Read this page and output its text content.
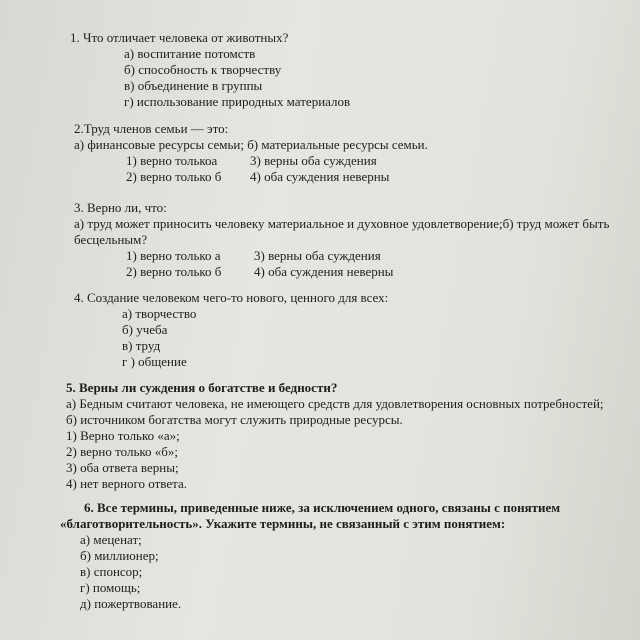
1. Что отличает человека от животных?
а) воспитание потомств
б) способность к творчеству
в) объединение в группы
г) использование природных материалов
2.Труд членов семьи — это:
а) финансовые ресурсы семьи; б) материальные ресурсы семьи.
1) верно толькоа	3) верны оба суждения
2) верно только б 4) оба суждения неверны
3. Верно ли, что:
а) труд может приносить человеку материальное и духовное удовлетворение;б) труд может быть
бесцельным?
1) верно только а	3) верны оба суждения
2) верно только б	4) оба суждения неверны
4. Создание человеком чего-то нового, ценного для всех:
а) творчество
б) учеба
в) труд
г ) общение
5. Верны ли суждения о богатстве и бедности?
а) Бедным считают человека, не имеющего средств для удовлетворения основных потребностей;
б) источником богатства могут служить природные ресурсы.
1) Верно только «а»;
2) верно только «б»;
3) оба ответа верны;
4) нет верного ответа.
6. Все термины, приведенные ниже, за исключением одного, связаны с понятием
«благотворительность». Укажите термины, не связанный с этим понятием:
а) меценат;
б) миллионер;
в) спонсор;
г) помощь;
д) пожертвование.
